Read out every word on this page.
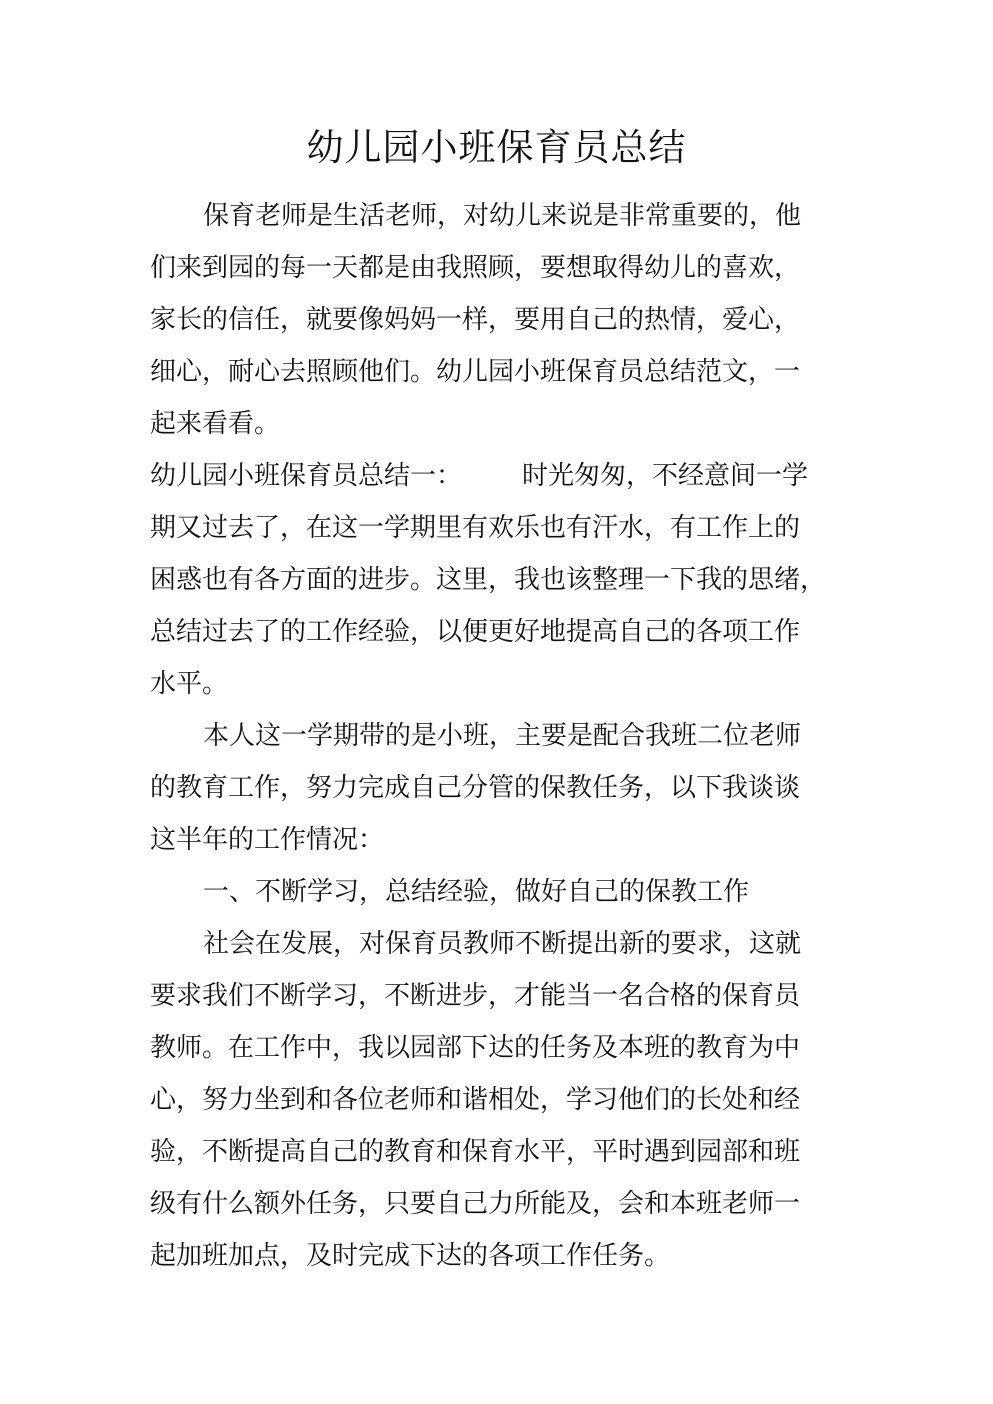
幼儿园小班保育员总结

保育老师是生活老师，对幼儿来说是非常重要的，他

们来到园的每一天都是由我照顾，要想取得幼儿的喜欢，

家长的信任，就要像妈妈一样，要用自己的热情，爱心，

细心，耐心去照顾他们。幼儿园小班保育员总结范文，一

起来看看。

幼儿园小班保育员总结一： 时光匆匆，不经意间一学

期又过去了，在这一学期里有欢乐也有汗水，有工作上的

困惑也有各方面的进步。这里，我也该整理一下我的思绪，

总结过去了的工作经验，以便更好地提高自己的各项工作

水平。

本人这一学期带的是小班，主要是配合我班二位老师

的教育工作，努力完成自己分管的保教任务，以下我谈谈

这半年的工作情况：

一、不断学习，总结经验，做好自己的保教工作

社会在发展，对保育员教师不断提出新的要求，这就

要求我们不断学习，不断进步，才能当一名合格的保育员

教师。在工作中，我以园部下达的任务及本班的教育为中

心，努力坐到和各位老师和谐相处，学习他们的长处和经

验，不断提高自己的教育和保育水平，平时遇到园部和班

级有什么额外任务，只要自己力所能及，会和本班老师一

起加班加点，及时完成下达的各项工作任务。
